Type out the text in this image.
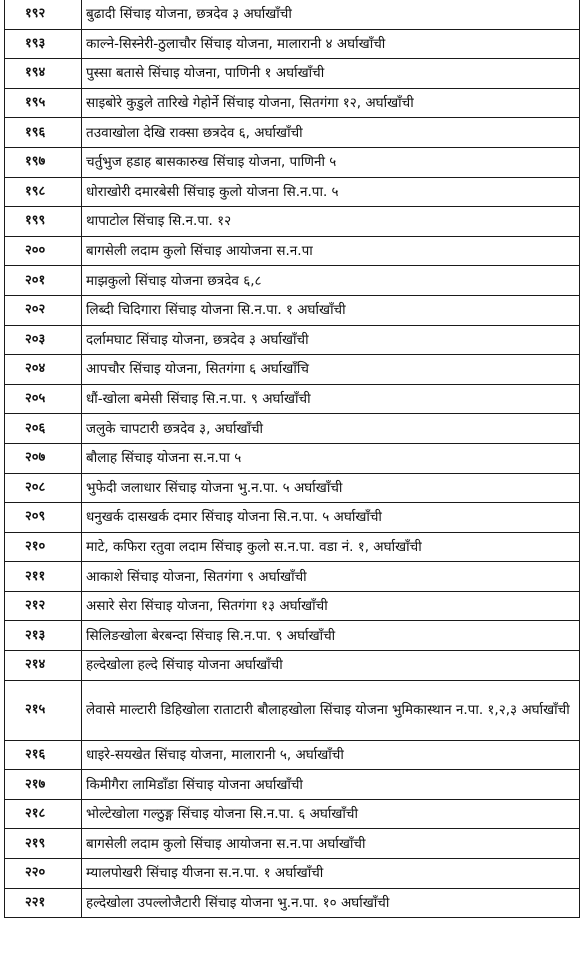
१९२	बुढादी सिंचाइ योजना, छत्रदेव ३ अर्घाखाँची
१९३	काल्ने-सिस्नेरी-ठुलाचौर सिंचाइ योजना, मालारानी ४ अर्घाखाँची
१९४	पुस्सा बतासे सिंचाइ योजना, पाणिनी १ अर्घाखाँची
१९५	साइबोरे कुडुले तारिखे गेहोर्ने सिंचाइ योजना, सितगंगा १२, अर्घाखाँची
१९६	तउवाखोला देखि राक्सा छत्रदेव ६, अर्घाखाँची
१९७	चर्तुभुज हडाह बासकारुख सिंचाइ योजना, पाणिनी ५
१९८	धोराखोरी दमारबेसी सिंचाइ कुलो योजना सि.न.पा. ५
१९९	थापाटोल सिंचाइ सि.न.पा. १२
२००	बागसेली लदाम कुलो सिंचाइ आयोजना स.न.पा
२०१	माझकुलो सिंचाइ योजना छत्रदेव ६,८
२०२	लिब्दी चिदिगारा सिंचाइ योजना सि.न.पा. १ अर्घाखाँची
२०३	दर्लामघाट सिंचाइ योजना, छत्रदेव ३ अर्घाखाँची
२०४	आपचौर सिंचाइ योजना, सितगंगा ६ अर्घाखाँचि
२०५	धौं-खोला बमेसी सिंचाइ सि.न.पा. ९ अर्घाखाँची
२०६	जलुके चापटारी छत्रदेव ३, अर्घाखाँची
२०७	बौलाह सिंचाइ योजना स.न.पा ५
२०८	भुफेदी जलाधार सिंचाइ योजना भु.न.पा. ५ अर्घाखाँची
२०९	धनुखर्क दासखर्क दमार सिंचाइ योजना सि.न.पा. ५ अर्घाखाँची
२१०	माटे, कफिरा रतुवा लदाम सिंचाइ कुलो स.न.पा. वडा नं. १, अर्घाखाँची
२११	आकाशे सिंचाइ योजना, सितगंगा ९ अर्घाखाँची
२१२	असारे सेरा सिंचाइ योजना, सितगंगा १३ अर्घाखाँची
२१३	सिलिङखोला बेरबन्दा सिंचाइ सि.न.पा. ९ अर्घाखाँची
२१४	हल्देखोला हल्दे सिंचाइ योजना अर्घाखाँची
२१५	लेवासे माल्टारी डिहिखोला राताटारी बौलाहखोला सिंचाइ योजना भुमिकास्थान न.पा. १,२,३ अर्घाखाँची
२१६	धाइरे-सयखेत सिंचाइ योजना, मालारानी ५, अर्घाखाँची
२१७	किमीगैरा लामिडाँडा सिंचाइ योजना अर्घाखाँची
२१८	भोल्टेखोला गल्ठुङ्ग सिंचाइ योजना सि.न.पा. ६ अर्घाखाँची
२१९	बागसेली लदाम कुलो सिंचाइ आयोजना स.न.पा अर्घाखाँची
२२०	म्यालपोखरी सिंचाइ यीजना स.न.पा. १ अर्घाखाँची
२२१	हल्देखोला उपल्लोजैटारी सिंचाइ योजना भु.न.पा. १० अर्घाखाँची
